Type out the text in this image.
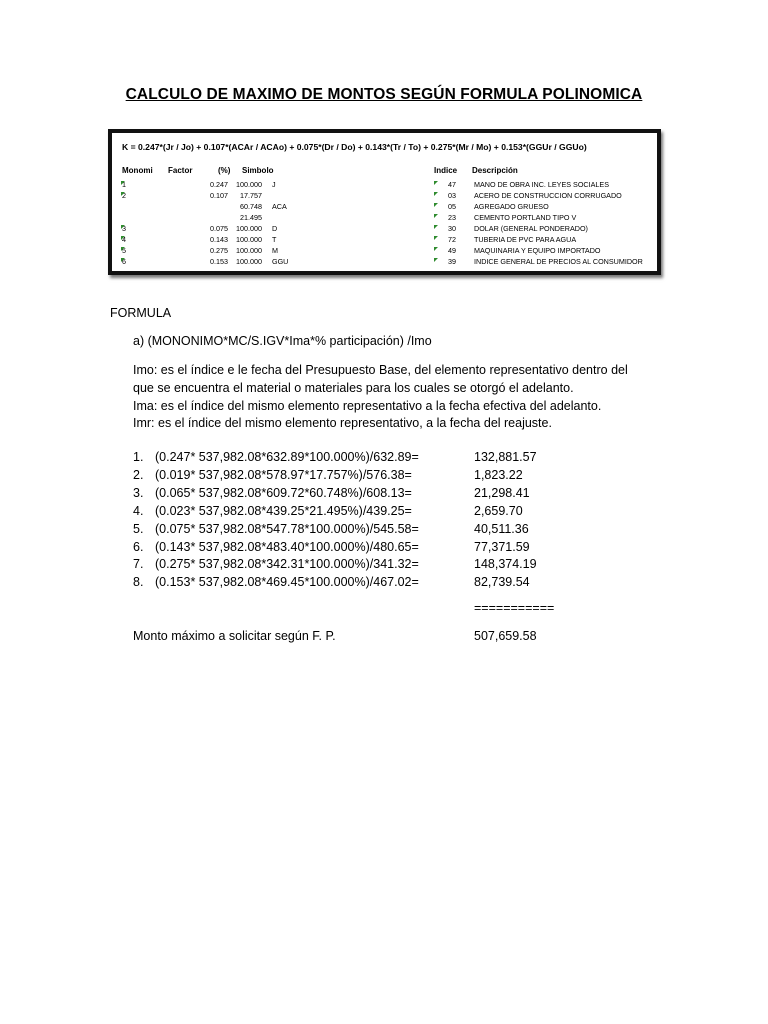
CALCULO DE MAXIMO DE MONTOS SEGÚN FORMULA POLINOMICA
K = 0.247*(Jr / Jo) + 0.107*(ACAr / ACAo) + 0.075*(Dr / Do) + 0.143*(Tr / To) + 0.275*(Mr / Mo) + 0.153*(GGUr / GGUo)
Monomi Factor	(%) Simbolo	Indice Descripción
1	0.247	100.000 J	47	MANO DE OBRA INC. LEYES SOCIALES
2	0.107	17.757	03	ACERO DE CONSTRUCCION CORRUGADO
60.748 ACA	05	AGREGADO GRUESO
21.495	23	CEMENTO PORTLAND TIPO V
3	0.075	100.000 D	30	DOLAR (GENERAL PONDERADO)
4	0.143	100.000 T	72	TUBERIA DE PVC PARA AGUA
5	0.275	100.000 M	49	MAQUINARIA Y EQUIPO IMPORTADO
6	0.153	100.000 GGU	39	INDICE GENERAL DE PRECIOS AL CONSUMIDOR
FORMULA
a) (MONONIMO*MC/S.IGV*Ima*% participación) /Imo
Imo: es el índice e le fecha del Presupuesto Base, del elemento representativo dentro del
que se encuentra el material o materiales para los cuales se otorgó el adelanto.
Ima: es el índice del mismo elemento representativo a la fecha efectiva del adelanto.
Imr: es el índice del mismo elemento representativo, a la fecha del reajuste.
1. (0.247* 537,982.08*632.89*100.000%)/632.89=	132,881.57
2. (0.019* 537,982.08*578.97*17.757%)/576.38=	1,823.22
3. (0.065* 537,982.08*609.72*60.748%)/608.13=	21,298.41
4. (0.023* 537,982.08*439.25*21.495%)/439.25=	2,659.70
5. (0.075* 537,982.08*547.78*100.000%)/545.58=	40,511.36
6. (0.143* 537,982.08*483.40*100.000%)/480.65=	77,371.59
7. (0.275* 537,982.08*342.31*100.000%)/341.32=	148,374.19
8. (0.153* 537,982.08*469.45*100.000%)/467.02=	82,739.54
===========
Monto máximo a solicitar según F. P.	507,659.58
